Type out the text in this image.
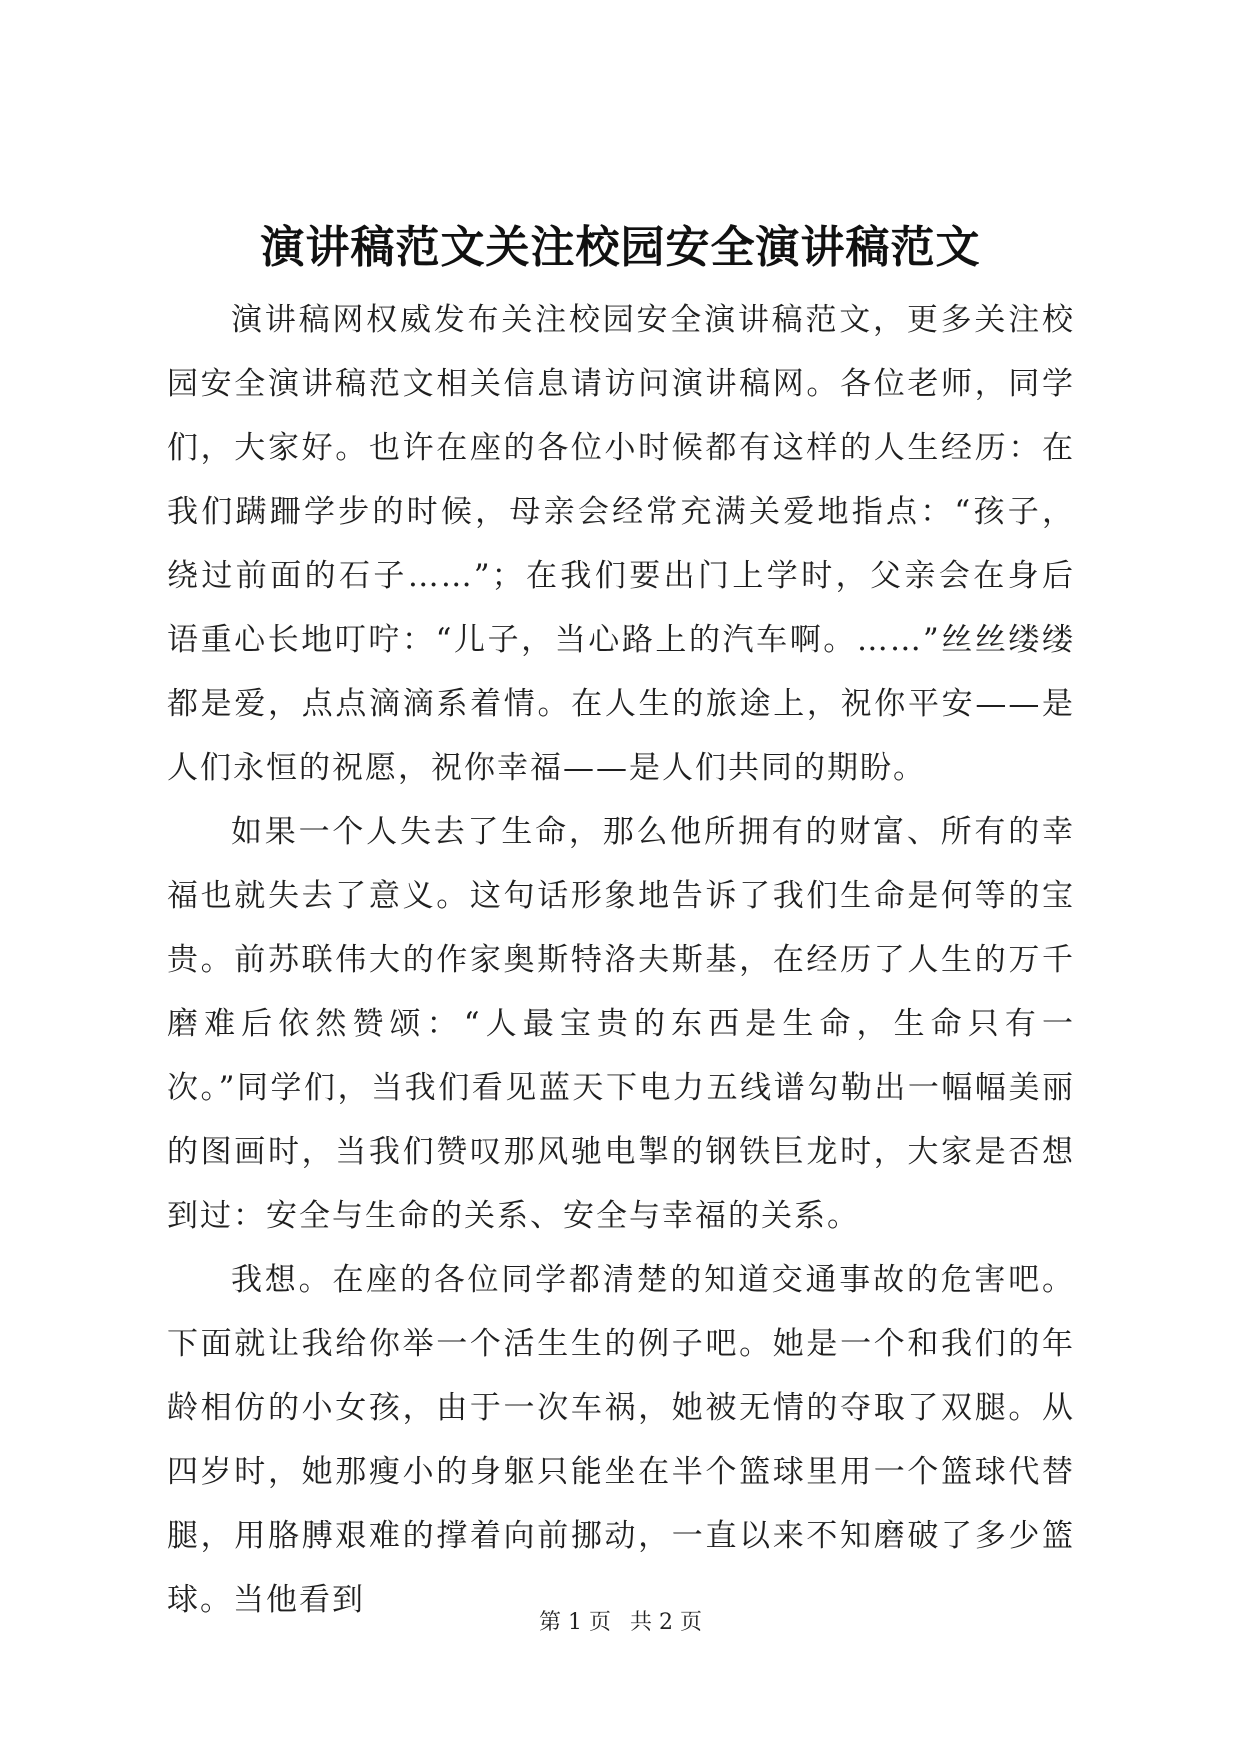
演讲稿范文关注校园安全演讲稿范文

演讲稿网权威发布关注校园安全演讲稿范文，更多关注校园安全演讲稿范文相关信息请访问演讲稿网。各位老师，同学们，大家好。也许在座的各位小时候都有这样的人生经历：在我们蹒跚学步的时候，母亲会经常充满关爱地指点：“孩子，绕过前面的石子……”；在我们要出门上学时，父亲会在身后语重心长地叮咛：“儿子，当心路上的汽车啊。……”丝丝缕缕都是爱，点点滴滴系着情。在人生的旅途上，祝你平安——是人们永恒的祝愿，祝你幸福——是人们共同的期盼。

如果一个人失去了生命，那么他所拥有的财富、所有的幸福也就失去了意义。这句话形象地告诉了我们生命是何等的宝贵。前苏联伟大的作家奥斯特洛夫斯基，在经历了人生的万千磨难后依然赞颂：“人最宝贵的东西是生命，生命只有一次。”同学们，当我们看见蓝天下电力五线谱勾勒出一幅幅美丽的图画时，当我们赞叹那风驰电掣的钢铁巨龙时，大家是否想到过：安全与生命的关系、安全与幸福的关系。

我想。在座的各位同学都清楚的知道交通事故的危害吧。下面就让我给你举一个活生生的例子吧。她是一个和我们的年龄相仿的小女孩，由于一次车祸，她被无情的夺取了双腿。从四岁时，她那瘦小的身躯只能坐在半个篮球里用一个篮球代替腿，用胳膊艰难的撑着向前挪动，一直以来不知磨破了多少篮球。当他看到

第 1 页 共 2 页
